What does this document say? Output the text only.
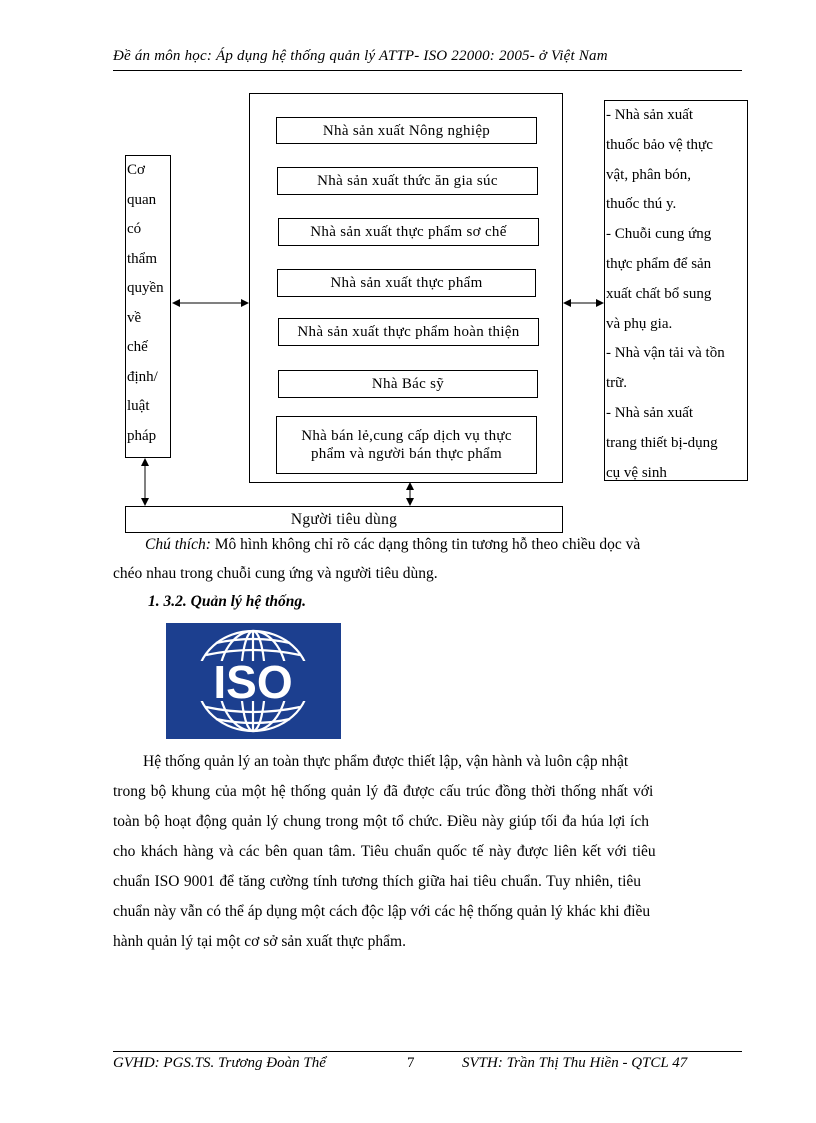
Đề án môn học: Áp dụng hệ thống quản lý ATTP- ISO 22000: 2005- ở Việt Nam
Nhà sản xuất Nông nghiệp
Nhà sản xuất thức ăn gia súc
Nhà sản xuất thực phẩm sơ chế
Nhà sản xuất thực phẩm
Nhà sản xuất thực phẩm hoàn thiện
Nhà Bác sỹ
Nhà bán lẻ,cung cấp dịch vụ thực phẩm và người bán thực phẩm
Cơ
quan
có
thẩm
quyền
về
chế
định/
luật
pháp
- Nhà sản xuất
thuốc bảo vệ thực
vật, phân bón,
thuốc thú y.
- Chuỗi cung ứng
thực phẩm để sản
xuất chất bổ sung
và phụ gia.
- Nhà vận tải và tồn
trữ.
- Nhà sản xuất
trang thiết bị-dụng
cụ vệ sinh
Người tiêu dùng
Chú thích: Mô hình không chỉ rõ các dạng thông tin tương hỗ theo chiều dọc và
chéo nhau trong chuỗi cung ứng và người tiêu dùng.
1. 3.2. Quản lý hệ thống.
ISO
Hệ thống quản lý an toàn thực phẩm được thiết lập, vận hành và luôn cập nhật
trong bộ khung của một hệ thống quản lý đã được cấu trúc đồng thời thống nhất với
toàn bộ hoạt động quản lý chung trong một tổ chức. Điều này giúp tối đa húa lợi ích
cho khách hàng và các bên quan tâm. Tiêu chuẩn quốc tế này được liên kết với tiêu
chuẩn ISO 9001 để tăng cường tính tương thích giữa hai tiêu chuẩn. Tuy nhiên, tiêu
chuẩn này vẫn có thể áp dụng một cách độc lập với các hệ thống quản lý khác khi điều
hành quản lý tại một cơ sở sản xuất thực phẩm.
GVHD: PGS.TS. Trương Đoàn Thể	7	SVTH: Trần Thị Thu Hiền - QTCL 47
